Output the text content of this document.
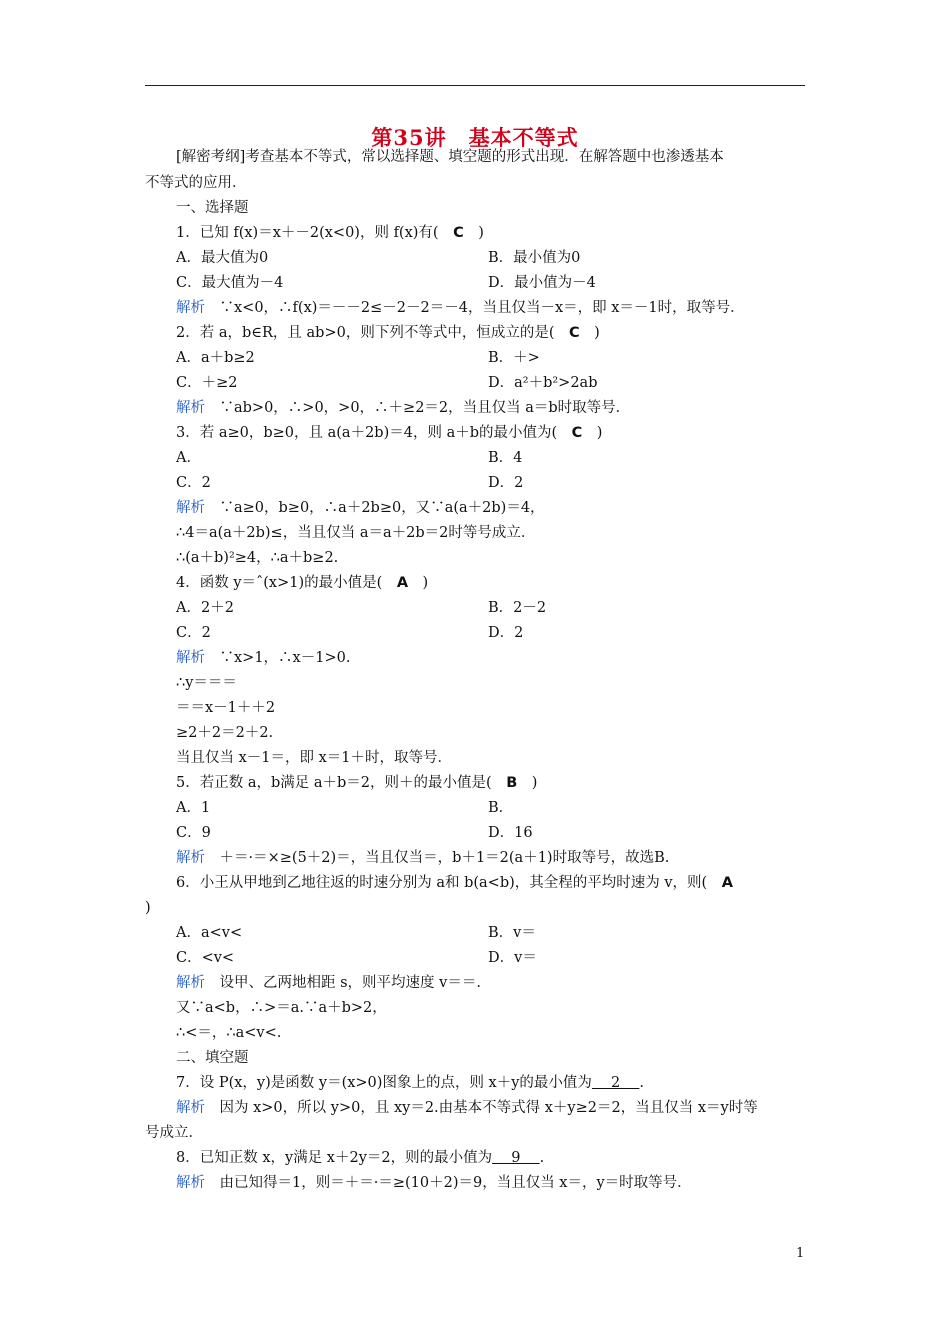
第35讲　基本不等式
[解密考纲]考查基本不等式，常以选择题、填空题的形式出现．在解答题中也渗透基本
不等式的应用．
一、选择题
1．已知 f(x)＝x＋－2(x<0)，则 f(x)有(　C　)
A．最大值为0	B．最小值为0
C．最大值为－4	D．最小值为－4
解析　∵x<0，∴f(x)＝－－2≤－2－2＝－4，当且仅当－x＝，即 x＝－1时，取等号．
2．若 a，b∈R，且 ab>0，则下列不等式中，恒成立的是(　C　)
A．a＋b≥2	B．＋>
C．＋≥2	D．a²＋b²>2ab
解析　∵ab>0，∴>0，>0，∴＋≥2＝2，当且仅当 a＝b时取等号．
3．若 a≥0，b≥0，且 a(a＋2b)＝4，则 a＋b的最小值为(　C　)
A．	B．4
C．2	D．2
解析　∵a≥0，b≥0，∴a＋2b≥0，又∵a(a＋2b)＝4，
∴4＝a(a＋2b)≤，当且仅当 a＝a＋2b＝2时等号成立．
∴(a＋b)²≥4，∴a＋b≥2.
4．函数 y＝ˆ(x>1)的最小值是(　A　)
A．2＋2	B．2－2
C．2	D．2
解析　∵x>1，∴x－1>0.
∴y＝＝＝
＝＝x－1＋＋2
≥2＋2＝2＋2.
当且仅当 x－1＝，即 x＝1＋时，取等号．
5．若正数 a，b满足 a＋b＝2，则＋的最小值是(　B　)
A．1	B．
C．9	D．16
解析　＋＝·＝×≥(5＋2)＝，当且仅当＝，b＋1＝2(a＋1)时取等号，故选B.
6．小王从甲地到乙地往返的时速分别为 a和 b(a<b)，其全程的平均时速为 v，则(　A
)
A．a<v<	B．v＝
C．<v<	D．v＝
解析　设甲、乙两地相距 s，则平均速度 v＝＝.
又∵a<b，∴>＝a.∵a＋b>2，
∴<＝，∴a<v<.
二、填空题
7．设 P(x，y)是函数 y＝(x>0)图象上的点，则 x＋y的最小值为　 2　 .
解析　因为 x>0，所以 y>0，且 xy＝2.由基本不等式得 x＋y≥2＝2，当且仅当 x＝y时等
号成立．
8．已知正数 x，y满足 x＋2y＝2，则的最小值为　 9　 .
解析　由已知得＝1，则＝＋＝·＝≥(10＋2)＝9，当且仅当 x＝，y＝时取等号．
1
